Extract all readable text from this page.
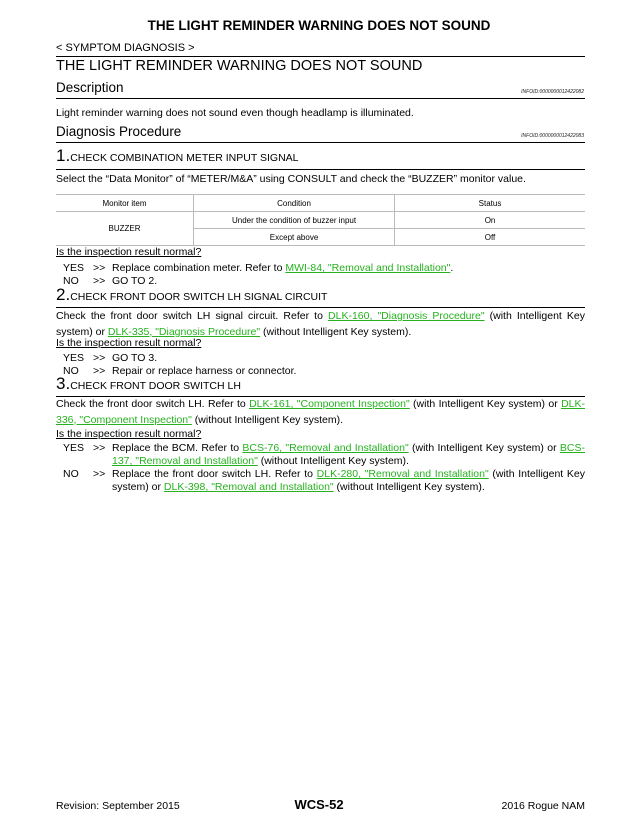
THE LIGHT REMINDER WARNING DOES NOT SOUND
< SYMPTOM DIAGNOSIS >
THE LIGHT REMINDER WARNING DOES NOT SOUND
Description	INFOID:0000000012422082
Light reminder warning does not sound even though headlamp is illuminated.
Diagnosis Procedure	INFOID:0000000012422083
1.CHECK COMBINATION METER INPUT SIGNAL
Select the “Data Monitor” of “METER/M&A” using CONSULT and check the “BUZZER” monitor value.
Monitor item	Condition	Status
BUZZER	Under the condition of buzzer input	On
	Except above	Off
Is the inspection result normal?
YES >> Replace combination meter. Refer to MWI-84, "Removal and Installation".
NO	>> GO TO 2.
2.CHECK FRONT DOOR SWITCH LH SIGNAL CIRCUIT
Check the front door switch LH signal circuit. Refer to DLK-160, "Diagnosis Procedure" (with Intelligent Key system) or DLK-335, "Diagnosis Procedure" (without Intelligent Key system).
Is the inspection result normal?
YES >> GO TO 3.
NO	>> Repair or replace harness or connector.
3.CHECK FRONT DOOR SWITCH LH
Check the front door switch LH. Refer to DLK-161, "Component Inspection" (with Intelligent Key system) or DLK-336, "Component Inspection" (without Intelligent Key system).
Is the inspection result normal?
YES >> Replace the BCM. Refer to BCS-76, "Removal and Installation" (with Intelligent Key system) or BCS-137, "Removal and Installation" (without Intelligent Key system).
NO	>> Replace the front door switch LH. Refer to DLK-280, "Removal and Installation" (with Intelligent Key system) or DLK-398, "Removal and Installation" (without Intelligent Key system).
Revision: September 2015	WCS-52	2016 Rogue NAM
